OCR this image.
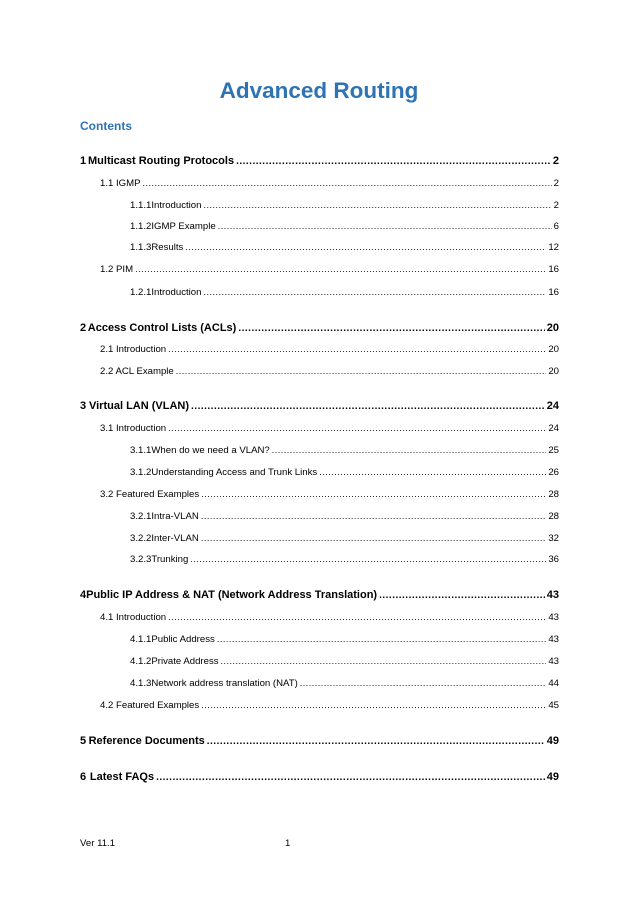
Advanced Routing
Contents
1 Multicast Routing Protocols .....	2
1.1 IGMP .....	2
1.1.1 Introduction .....	2
1.1.2 IGMP Example .....	6
1.1.3 Results .....	12
1.2 PIM .....	16
1.2.1 Introduction .....	16
2 Access Control Lists (ACLs) .....	20
2.1 Introduction .....	20
2.2 ACL Example .....	20
3 Virtual LAN (VLAN) .....	24
3.1 Introduction .....	24
3.1.1 When do we need a VLAN? .....	25
3.1.2 Understanding Access and Trunk Links .....	26
3.2 Featured Examples .....	28
3.2.1 Intra-VLAN .....	28
3.2.2 Inter-VLAN .....	32
3.2.3 Trunking .....	36
4 Public IP Address & NAT (Network Address Translation) .....	43
4.1 Introduction .....	43
4.1.1 Public Address .....	43
4.1.2 Private Address .....	43
4.1.3 Network address translation (NAT) .....	44
4.2 Featured Examples .....	45
5 Reference Documents .....	49
6 Latest FAQs .....	49
Ver 11.1	1
